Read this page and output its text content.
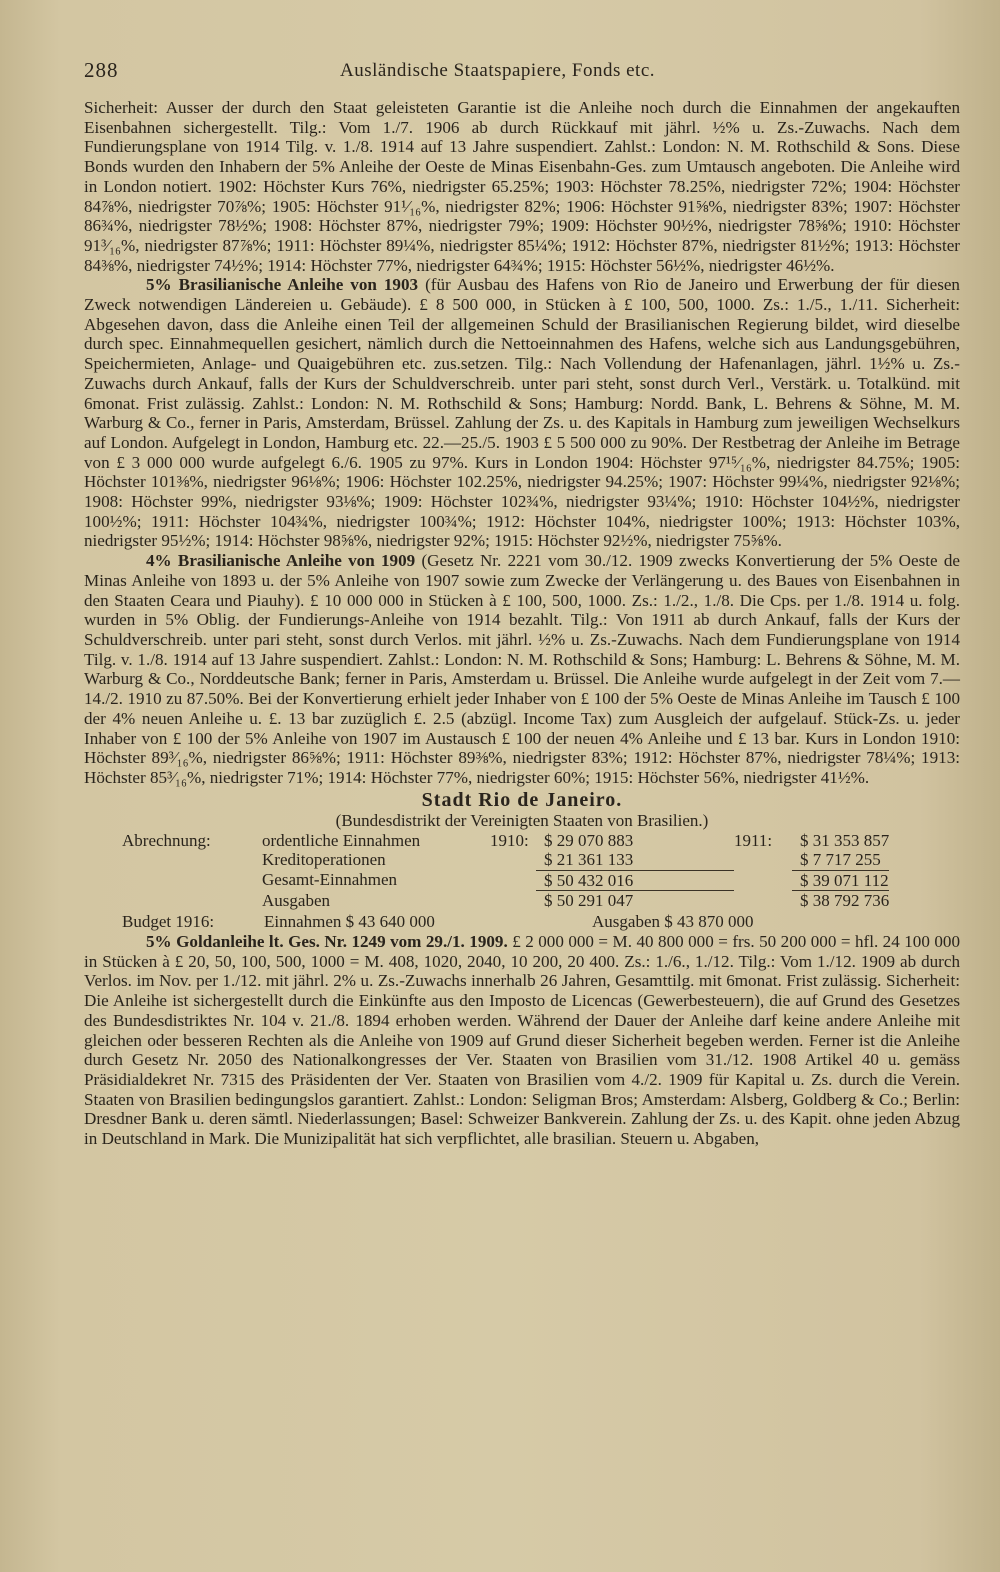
288	Ausländische Staatspapiere, Fonds etc.

Sicherheit: Ausser der durch den Staat geleisteten Garantie ist die Anleihe noch durch die Einnahmen der angekauften Eisenbahnen sichergestellt. Tilg.: Vom 1./7. 1906 ab durch Rückkauf mit jährl. ½% u. Zs.-Zuwachs. Nach dem Fundierungsplane von 1914 Tilg. v. 1./8. 1914 auf 13 Jahre suspendiert. Zahlst.: London: N. M. Rothschild & Sons. Diese Bonds wurden den Inhabern der 5% Anleihe der Oeste de Minas Eisenbahn-Ges. zum Umtausch angeboten. Die Anleihe wird in London notiert. 1902: Höchster Kurs 76%, niedrigster 65.25%; 1903: Höchster 78.25%, niedrigster 72%; 1904: Höchster 84⅞%, niedrigster 70⅞%; 1905: Höchster 91¹⁄₁₆%, niedrigster 82%; 1906: Höchster 91⅝%, niedrigster 83%; 1907: Höchster 86¾%, niedrigster 78½%; 1908: Höchster 87%, niedrigster 79%; 1909: Höchster 90½%, niedrigster 78⅝%; 1910: Höchster 91³⁄₁₆%, niedrigster 87⅞%; 1911: Höchster 89¼%, niedrigster 85¼%; 1912: Höchster 87%, niedrigster 81½%; 1913: Höchster 84⅜%, niedrigster 74½%; 1914: Höchster 77%, niedrigster 64¾%; 1915: Höchster 56½%, niedrigster 46½%.

5% Brasilianische Anleihe von 1903 (für Ausbau des Hafens von Rio de Janeiro und Erwerbung der für diesen Zweck notwendigen Ländereien u. Gebäude). £ 8 500 000, in Stücken à £ 100, 500, 1000. Zs.: 1./5., 1./11. Sicherheit: Abgesehen davon, dass die Anleihe einen Teil der allgemeinen Schuld der Brasilianischen Regierung bildet, wird dieselbe durch spec. Einnahmequellen gesichert, nämlich durch die Nettoeinnahmen des Hafens, welche sich aus Landungsgebühren, Speichermieten, Anlage- und Quaigebühren etc. zus.setzen. Tilg.: Nach Vollendung der Hafenanlagen, jährl. 1½% u. Zs.-Zuwachs durch Ankauf, falls der Kurs der Schuldverschreib. unter pari steht, sonst durch Verl., Verstärk. u. Totalkünd. mit 6monat. Frist zulässig. Zahlst.: London: N. M. Rothschild & Sons; Hamburg: Nordd. Bank, L. Behrens & Söhne, M. M. Warburg & Co., ferner in Paris, Amsterdam, Brüssel. Zahlung der Zs. u. des Kapitals in Hamburg zum jeweiligen Wechselkurs auf London. Aufgelegt in London, Hamburg etc. 22.—25./5. 1903 £ 5 500 000 zu 90%. Der Restbetrag der Anleihe im Betrage von £ 3 000 000 wurde aufgelegt 6./6. 1905 zu 97%. Kurs in London 1904: Höchster 97¹⁵⁄₁₆%, niedrigster 84.75%; 1905: Höchster 101⅜%, niedrigster 96⅛%; 1906: Höchster 102.25%, niedrigster 94.25%; 1907: Höchster 99¼%, niedrigster 92⅛%; 1908: Höchster 99%, niedrigster 93⅛%; 1909: Höchster 102¾%, niedrigster 93¼%; 1910: Höchster 104½%, niedrigster 100½%; 1911: Höchster 104¾%, niedrigster 100¾%; 1912: Höchster 104%, niedrigster 100%; 1913: Höchster 103%, niedrigster 95½%; 1914: Höchster 98⅝%, niedrigster 92%; 1915: Höchster 92½%, niedrigster 75⅝%.

4% Brasilianische Anleihe von 1909 (Gesetz Nr. 2221 vom 30./12. 1909 zwecks Konvertierung der 5% Oeste de Minas Anleihe von 1893 u. der 5% Anleihe von 1907 sowie zum Zwecke der Verlängerung u. des Baues von Eisenbahnen in den Staaten Ceara und Piauhy). £ 10 000 000 in Stücken à £ 100, 500, 1000. Zs.: 1./2., 1./8. Die Cps. per 1./8. 1914 u. folg. wurden in 5% Oblig. der Fundierungs-Anleihe von 1914 bezahlt. Tilg.: Von 1911 ab durch Ankauf, falls der Kurs der Schuldverschreib. unter pari steht, sonst durch Verlos. mit jährl. ½% u. Zs.-Zuwachs. Nach dem Fundierungsplane von 1914 Tilg. v. 1./8. 1914 auf 13 Jahre suspendiert. Zahlst.: London: N. M. Rothschild & Sons; Hamburg: L. Behrens & Söhne, M. M. Warburg & Co., Norddeutsche Bank; ferner in Paris, Amsterdam u. Brüssel. Die Anleihe wurde aufgelegt in der Zeit vom 7.—14./2. 1910 zu 87.50%. Bei der Konvertierung erhielt jeder Inhaber von £ 100 der 5% Oeste de Minas Anleihe im Tausch £ 100 der 4% neuen Anleihe u. £. 13 bar zuzüglich £. 2.5 (abzügl. Income Tax) zum Ausgleich der aufgelauf. Stück-Zs. u. jeder Inhaber von £ 100 der 5% Anleihe von 1907 im Austausch £ 100 der neuen 4% Anleihe und £ 13 bar. Kurs in London 1910: Höchster 89³⁄₁₆%, niedrigster 86⅝%; 1911: Höchster 89⅜%, niedrigster 83%; 1912: Höchster 87%, niedrigster 78¼%; 1913: Höchster 85³⁄₁₆%, niedrigster 71%; 1914: Höchster 77%, niedrigster 60%; 1915: Höchster 56%, niedrigster 41½%.

Stadt Rio de Janeiro.

(Bundesdistrikt der Vereinigten Staaten von Brasilien.)

Abrechnung:	ordentliche Einnahmen	1910:	$ 29 070 883	1911:	$ 31 353 857
	Kreditoperationen		$ 21 361 133		$ 7 717 255
	Gesamt-Einnahmen		$ 50 432 016		$ 39 071 112
	Ausgaben		$ 50 291 047		$ 38 792 736
Budget 1916:	Einnahmen $ 43 640 000	Ausgaben $ 43 870 000

5% Goldanleihe lt. Ges. Nr. 1249 vom 29./1. 1909. £ 2 000 000 = M. 40 800 000 = frs. 50 200 000 = hfl. 24 100 000 in Stücken à £ 20, 50, 100, 500, 1000 = M. 408, 1020, 2040, 10 200, 20 400. Zs.: 1./6., 1./12. Tilg.: Vom 1./12. 1909 ab durch Verlos. im Nov. per 1./12. mit jährl. 2% u. Zs.-Zuwachs innerhalb 26 Jahren, Gesamttilg. mit 6monat. Frist zulässig. Sicherheit: Die Anleihe ist sichergestellt durch die Einkünfte aus den Imposto de Licencas (Gewerbesteuern), die auf Grund des Gesetzes des Bundesdistriktes Nr. 104 v. 21./8. 1894 erhoben werden. Während der Dauer der Anleihe darf keine andere Anleihe mit gleichen oder besseren Rechten als die Anleihe von 1909 auf Grund dieser Sicherheit begeben werden. Ferner ist die Anleihe durch Gesetz Nr. 2050 des Nationalkongresses der Ver. Staaten von Brasilien vom 31./12. 1908 Artikel 40 u. gemäss Präsidialdekret Nr. 7315 des Präsidenten der Ver. Staaten von Brasilien vom 4./2. 1909 für Kapital u. Zs. durch die Verein. Staaten von Brasilien bedingungslos garantiert. Zahlst.: London: Seligman Bros; Amsterdam: Alsberg, Goldberg & Co.; Berlin: Dresdner Bank u. deren sämtl. Niederlassungen; Basel: Schweizer Bankverein. Zahlung der Zs. u. des Kapit. ohne jeden Abzug in Deutschland in Mark. Die Munizipalität hat sich verpflichtet, alle brasilian. Steuern u. Abgaben,
